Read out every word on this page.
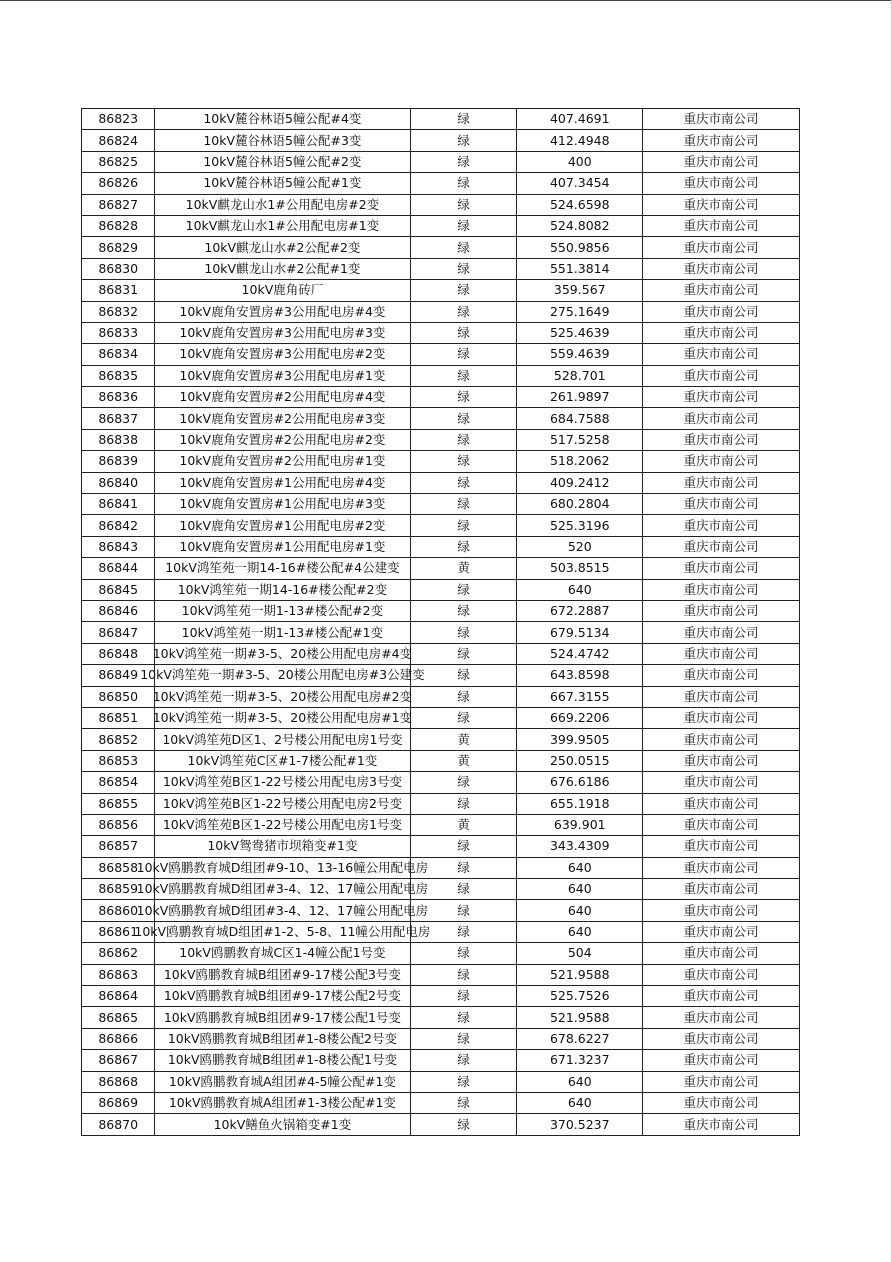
86823	10kV麓谷林语5幢公配#4变	绿	407.4691	重庆市南公司
86824	10kV麓谷林语5幢公配#3变	绿	412.4948	重庆市南公司
86825	10kV麓谷林语5幢公配#2变	绿	400	重庆市南公司
86826	10kV麓谷林语5幢公配#1变	绿	407.3454	重庆市南公司
86827	10kV麒龙山水1#公用配电房#2变	绿	524.6598	重庆市南公司
86828	10kV麒龙山水1#公用配电房#1变	绿	524.8082	重庆市南公司
86829	10kV麒龙山水#2公配#2变	绿	550.9856	重庆市南公司
86830	10kV麒龙山水#2公配#1变	绿	551.3814	重庆市南公司
86831	10kV鹿角砖厂	绿	359.567	重庆市南公司
86832	10kV鹿角安置房#3公用配电房#4变	绿	275.1649	重庆市南公司
86833	10kV鹿角安置房#3公用配电房#3变	绿	525.4639	重庆市南公司
86834	10kV鹿角安置房#3公用配电房#2变	绿	559.4639	重庆市南公司
86835	10kV鹿角安置房#3公用配电房#1变	绿	528.701	重庆市南公司
86836	10kV鹿角安置房#2公用配电房#4变	绿	261.9897	重庆市南公司
86837	10kV鹿角安置房#2公用配电房#3变	绿	684.7588	重庆市南公司
86838	10kV鹿角安置房#2公用配电房#2变	绿	517.5258	重庆市南公司
86839	10kV鹿角安置房#2公用配电房#1变	绿	518.2062	重庆市南公司
86840	10kV鹿角安置房#1公用配电房#4变	绿	409.2412	重庆市南公司
86841	10kV鹿角安置房#1公用配电房#3变	绿	680.2804	重庆市南公司
86842	10kV鹿角安置房#1公用配电房#2变	绿	525.3196	重庆市南公司
86843	10kV鹿角安置房#1公用配电房#1变	绿	520	重庆市南公司
86844	10kV鸿笙苑一期14-16#楼公配#4公建变	黄	503.8515	重庆市南公司
86845	10kV鸿笙苑一期14-16#楼公配#2变	绿	640	重庆市南公司
86846	10kV鸿笙苑一期1-13#楼公配#2变	绿	672.2887	重庆市南公司
86847	10kV鸿笙苑一期1-13#楼公配#1变	绿	679.5134	重庆市南公司
86848	10kV鸿笙苑一期#3-5、20楼公用配电房#4变	绿	524.4742	重庆市南公司
86849	10kV鸿笙苑一期#3-5、20楼公用配电房#3公建变	绿	643.8598	重庆市南公司
86850	10kV鸿笙苑一期#3-5、20楼公用配电房#2变	绿	667.3155	重庆市南公司
86851	10kV鸿笙苑一期#3-5、20楼公用配电房#1变	绿	669.2206	重庆市南公司
86852	10kV鸿笙苑D区1、2号楼公用配电房1号变	黄	399.9505	重庆市南公司
86853	10kV鸿笙苑C区#1-7楼公配#1变	黄	250.0515	重庆市南公司
86854	10kV鸿笙苑B区1-22号楼公用配电房3号变	绿	676.6186	重庆市南公司
86855	10kV鸿笙苑B区1-22号楼公用配电房2号变	绿	655.1918	重庆市南公司
86856	10kV鸿笙苑B区1-22号楼公用配电房1号变	黄	639.901	重庆市南公司
86857	10kV鸳鸯猪市坝箱变#1变	绿	343.4309	重庆市南公司
86858	10kV鸥鹏教育城D组团#9-10、13-16幢公用配电房	绿	640	重庆市南公司
86859	10kV鸥鹏教育城D组团#3-4、12、17幢公用配电房	绿	640	重庆市南公司
86860	10kV鸥鹏教育城D组团#3-4、12、17幢公用配电房	绿	640	重庆市南公司
86861	10kV鸥鹏教育城D组团#1-2、5-8、11幢公用配电房	绿	640	重庆市南公司
86862	10kV鸥鹏教育城C区1-4幢公配1号变	绿	504	重庆市南公司
86863	10kV鸥鹏教育城B组团#9-17楼公配3号变	绿	521.9588	重庆市南公司
86864	10kV鸥鹏教育城B组团#9-17楼公配2号变	绿	525.7526	重庆市南公司
86865	10kV鸥鹏教育城B组团#9-17楼公配1号变	绿	521.9588	重庆市南公司
86866	10kV鸥鹏教育城B组团#1-8楼公配2号变	绿	678.6227	重庆市南公司
86867	10kV鸥鹏教育城B组团#1-8楼公配1号变	绿	671.3237	重庆市南公司
86868	10kV鸥鹏教育城A组团#4-5幢公配#1变	绿	640	重庆市南公司
86869	10kV鸥鹏教育城A组团#1-3楼公配#1变	绿	640	重庆市南公司
86870	10kV鳝鱼火锅箱变#1变	绿	370.5237	重庆市南公司
